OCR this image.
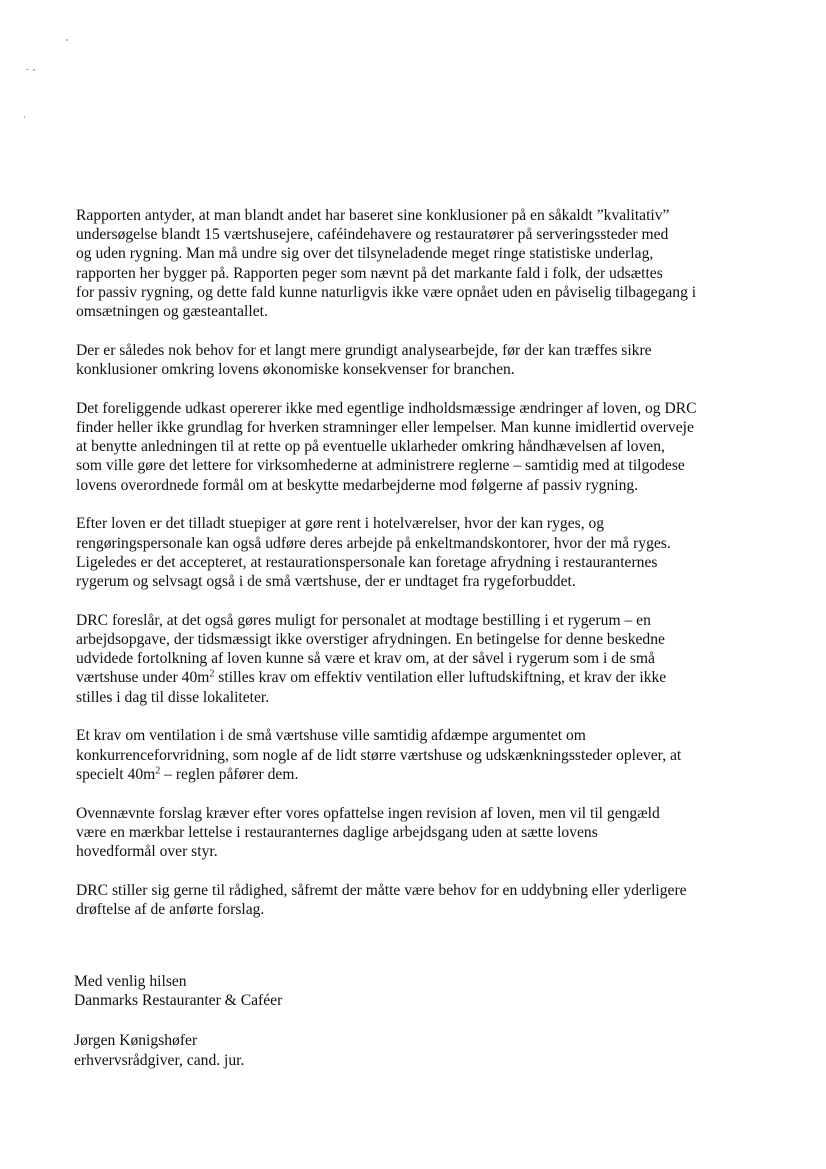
Rapporten antyder, at man blandt andet har baseret sine konklusioner på en såkaldt ”kvalitativ”
undersøgelse blandt 15 værtshusejere, caféindehavere og restauratører på serveringssteder med
og uden rygning. Man må undre sig over det tilsyneladende meget ringe statistiske underlag,
rapporten her bygger på. Rapporten peger som nævnt på det markante fald i folk, der udsættes
for passiv rygning, og dette fald kunne naturligvis ikke være opnået uden en påviselig tilbagegang i
omsætningen og gæsteantallet.

Der er således nok behov for et langt mere grundigt analysearbejde, før der kan træffes sikre
konklusioner omkring lovens økonomiske konsekvenser for branchen.

Det foreliggende udkast opererer ikke med egentlige indholdsmæssige ændringer af loven, og DRC
finder heller ikke grundlag for hverken stramninger eller lempelser. Man kunne imidlertid overveje
at benytte anledningen til at rette op på eventuelle uklarheder omkring håndhævelsen af loven,
som ville gøre det lettere for virksomhederne at administrere reglerne – samtidig med at tilgodese
lovens overordnede formål om at beskytte medarbejderne mod følgerne af passiv rygning.

Efter loven er det tilladt stuepiger at gøre rent i hotelværelser, hvor der kan ryges, og
rengøringspersonale kan også udføre deres arbejde på enkeltmandskontorer, hvor der må ryges.
Ligeledes er det accepteret, at restaurationspersonale kan foretage afrydning i restauranternes
rygerum og selvsagt også i de små værtshuse, der er undtaget fra rygeforbuddet.

DRC foreslår, at det også gøres muligt for personalet at modtage bestilling i et rygerum – en
arbejdsopgave, der tidsmæssigt ikke overstiger afrydningen. En betingelse for denne beskedne
udvidede fortolkning af loven kunne så være et krav om, at der såvel i rygerum som i de små
værtshuse under $40m^2$ stilles krav om effektiv ventilation eller luftudskiftning, et krav der ikke
stilles i dag til disse lokaliteter.

Et krav om ventilation i de små værtshuse ville samtidig afdæmpe argumentet om
konkurrenceforvridning, som nogle af de lidt større værtshuse og udskænkningssteder oplever, at
specielt $40m^2$ – reglen påfører dem.

Ovennævnte forslag kræver efter vores opfattelse ingen revision af loven, men vil til gengæld
være en mærkbar lettelse i restauranternes daglige arbejdsgang uden at sætte lovens
hovedformål over styr.

DRC stiller sig gerne til rådighed, såfremt der måtte være behov for en uddybning eller yderligere
drøftelse af de anførte forslag.

Med venlig hilsen

Danmarks Restauranter & Caféer

Jørgen Kønigshøfer

erhvervsrådgiver, cand. jur.
